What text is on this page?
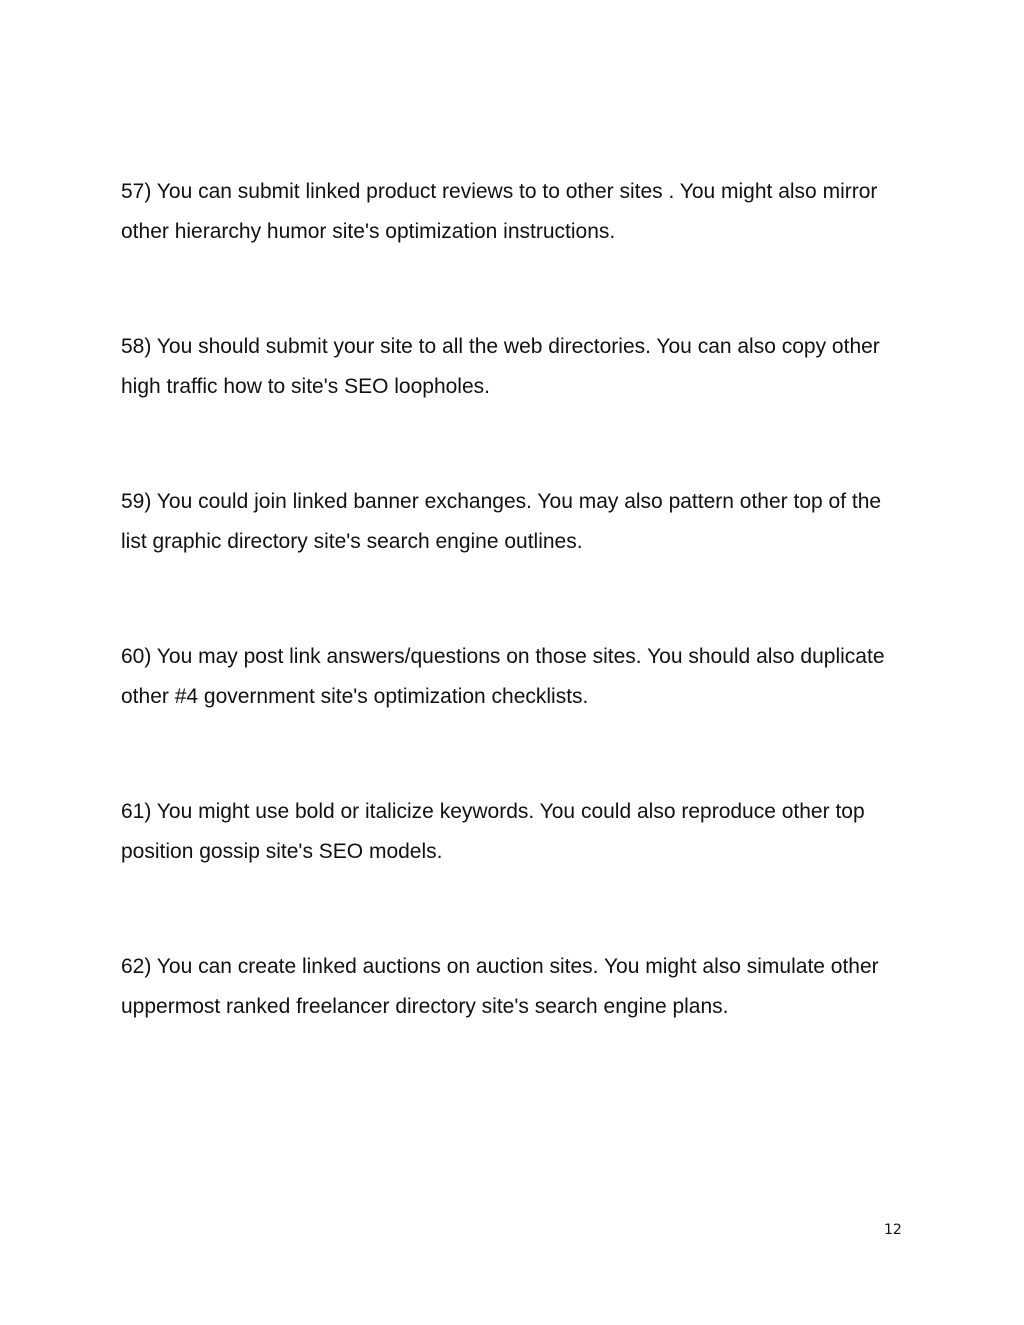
57) You can submit linked product reviews to to other sites . You might also mirror other hierarchy humor site's optimization instructions.

58) You should submit your site to all the web directories. You can also copy other high traffic how to site's SEO loopholes.

59) You could join linked banner exchanges. You may also pattern other top of the list graphic directory site's search engine outlines.

60) You may post link answers/questions on those sites. You should also duplicate other #4 government site's optimization checklists.

61) You might use bold or italicize keywords. You could also reproduce other top position gossip site's SEO models.

62) You can create linked auctions on auction sites. You might also simulate other uppermost ranked freelancer directory site's search engine plans.

12
